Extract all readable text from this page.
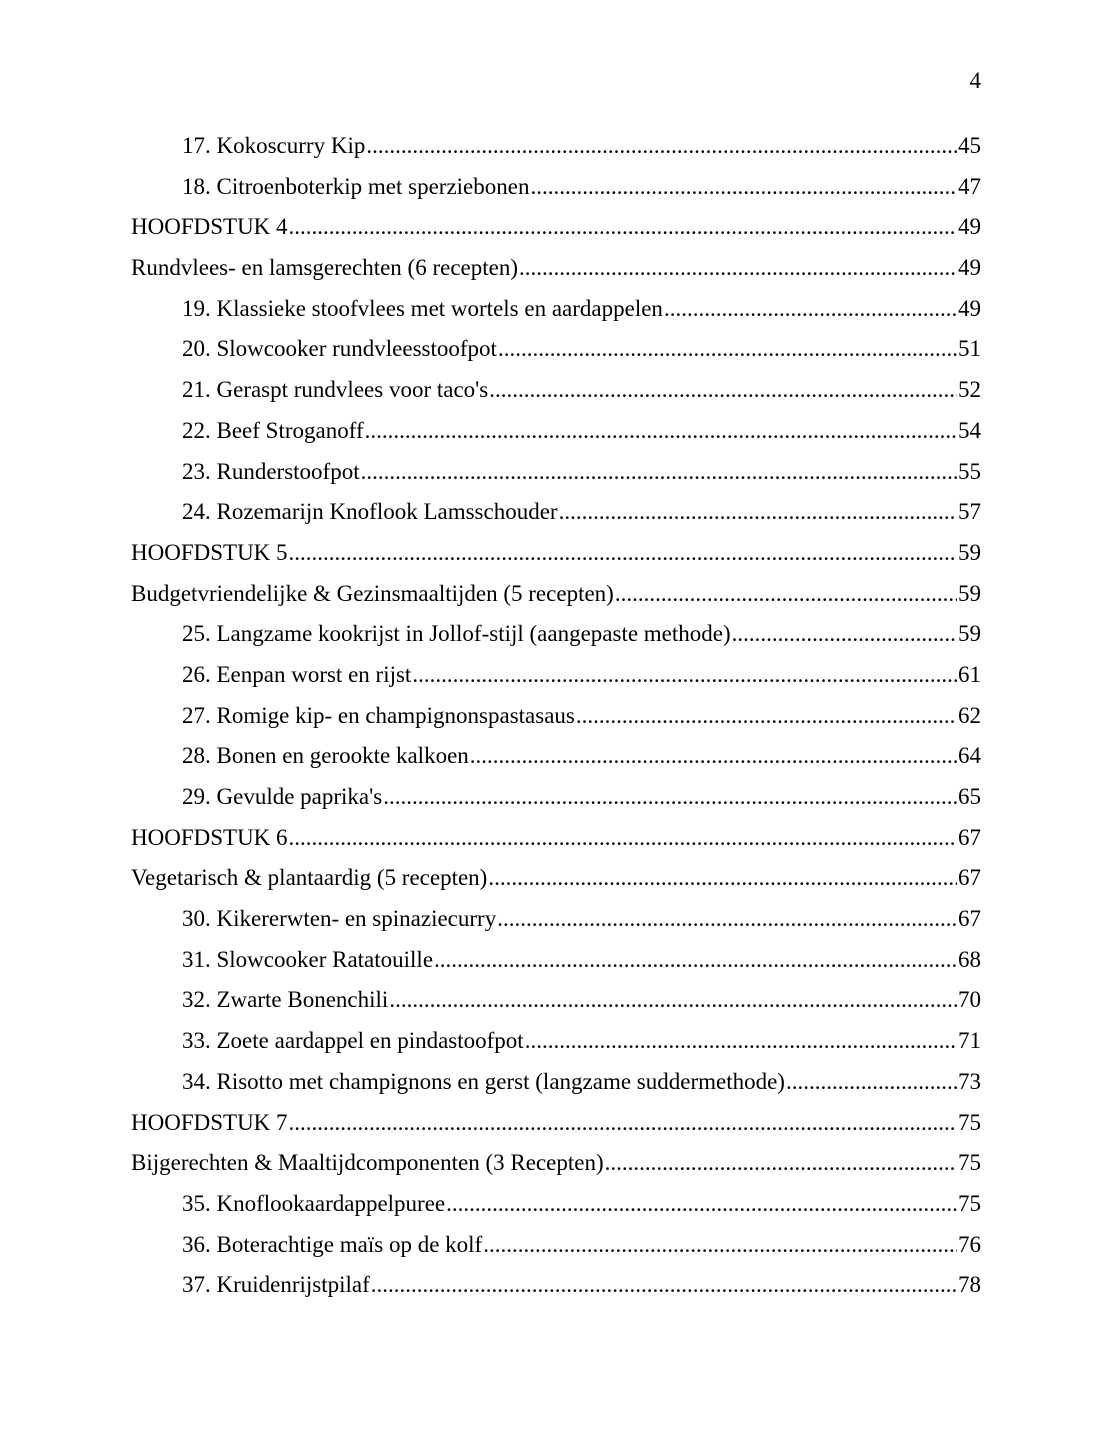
4
17. Kokoscurry Kip .....	45
18. Citroenboterkip met sperziebonen .....	47
HOOFDSTUK 4 .....	49
Rundvlees- en lamsgerechten (6 recepten) .....	49
19. Klassieke stoofvlees met wortels en aardappelen .....	49
20. Slowcooker rundvleesstoofpot .....	51
21. Geraspt rundvlees voor taco's .....	52
22. Beef Stroganoff .....	54
23. Runderstoofpot .....	55
24. Rozemarijn Knoflook Lamsschouder .....	57
HOOFDSTUK 5 .....	59
Budgetvriendelijke & Gezinsmaaltijden (5 recepten) .....	59
25. Langzame kookrijst in Jollof-stijl (aangepaste methode) .....	59
26. Eenpan worst en rijst .....	61
27. Romige kip- en champignonspastasaus .....	62
28. Bonen en gerookte kalkoen .....	64
29. Gevulde paprika's .....	65
HOOFDSTUK 6 .....	67
Vegetarisch & plantaardig (5 recepten) .....	67
30. Kikererwten- en spinaziecurry .....	67
31. Slowcooker Ratatouille .....	68
32. Zwarte Bonenchili .....	70
33. Zoete aardappel en pindastoofpot .....	71
34. Risotto met champignons en gerst (langzame suddermethode) .....	73
HOOFDSTUK 7 .....	75
Bijgerechten & Maaltijdcomponenten (3 Recepten) .....	75
35. Knoflookaardappelpuree .....	75
36. Boterachtige maïs op de kolf .....	76
37. Kruidenrijstpilaf .....	78
